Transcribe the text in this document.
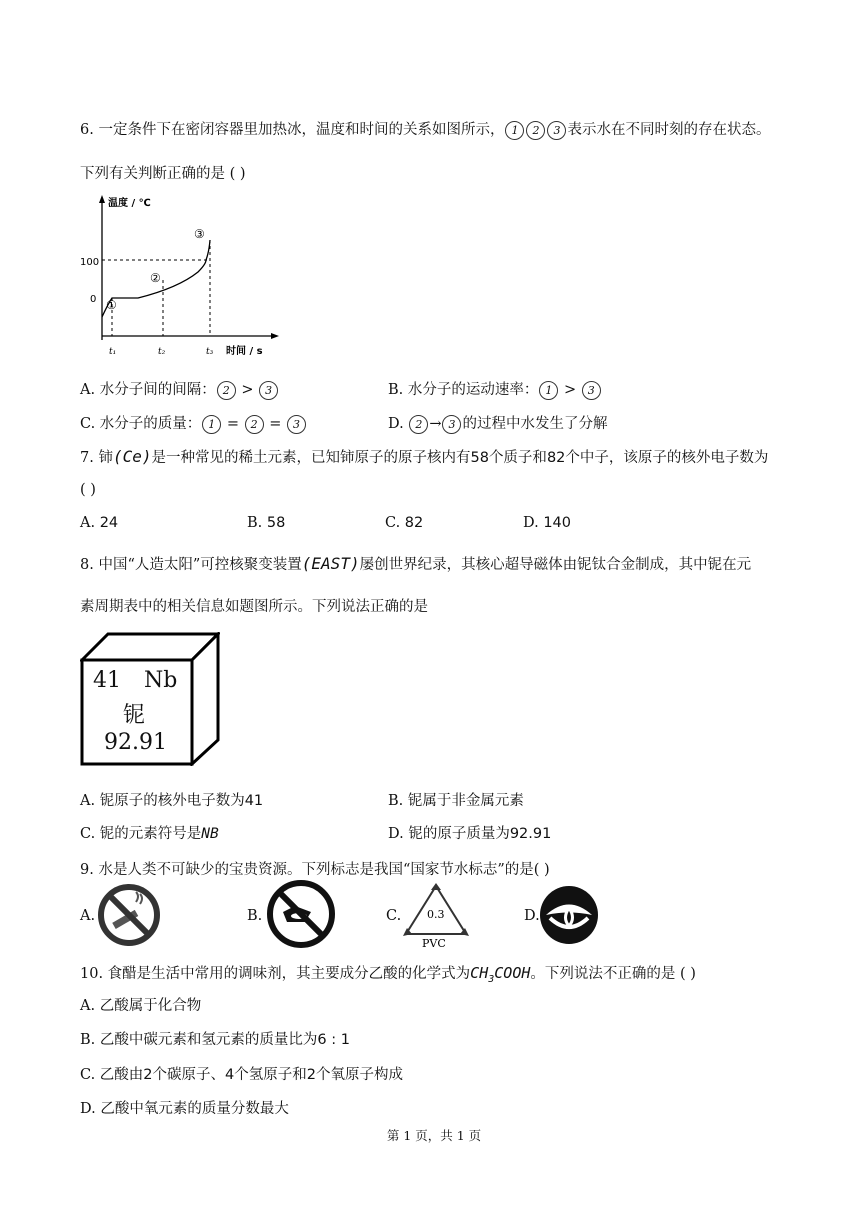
6. 一定条件下在密闭容器里加热冰，温度和时间的关系如图所示， 1 2 3 表示水在不同时刻的存在状态。
下列有关判断正确的是 ( )
温度 / ℃
时间 / s
100
0
t₁	t₂	t₃
①
②
③
A. 水分子间的间隔： 2 > 3	B. 水分子的运动速率： 1 > 3
C. 水分子的质量： 1 = 2 = 3	D. 2 → 3 的过程中水发生了分解
7. 铈(Ce)是一种常见的稀土元素，已知铈原子的原子核内有58个质子和82个中子，该原子的核外电子数为
( )
A. 24	B. 58	C. 82	D. 140
8. 中国“人造太阳”可控核聚变装置(EAST)屡创世界纪录，其核心超导磁体由铌钛合金制成，其中铌在元
素周期表中的相关信息如题图所示。下列说法正确的是
41 Nb
铌
92.91
A. 铌原子的核外电子数为41	B. 铌属于非金属元素
C. 铌的元素符号是NB	D. 铌的原子质量为92.91
9. 水是人类不可缺少的宝贵资源。下列标志是我国“国家节水标志”的是( )
A.	B.	C. 0.3
PVC
D.
10. 食醋是生活中常用的调味剂，其主要成分乙酸的化学式为$CH_3COOH$。下列说法不正确的是 ( )
A. 乙酸属于化合物
B. 乙酸中碳元素和氢元素的质量比为6 : 1
C. 乙酸由2个碳原子、4个氢原子和2个氧原子构成
D. 乙酸中氧元素的质量分数最大
第 1 页，共 1 页
